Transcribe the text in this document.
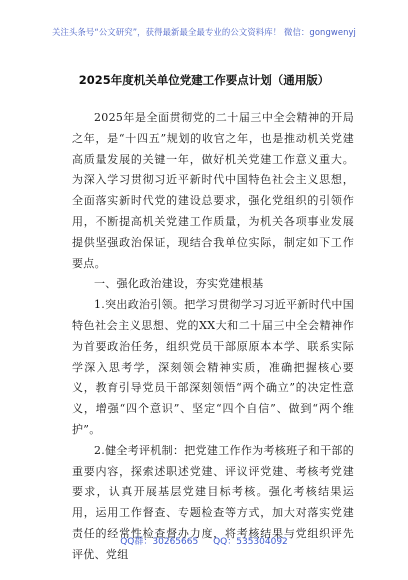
关注头条号“公文研究”，获得最新最全最专业的公文资料库！ 微信：gongwenyj
2025年度机关单位党建工作要点计划（通用版）

2025年是全面贯彻党的二十届三中全会精神的开局之年，是“十四五”规划的收官之年，也是推动机关党建高质量发展的关键一年，做好机关党建工作意义重大。为深入学习贯彻习近平新时代中国特色社会主义思想，全面落实新时代党的建设总要求，强化党组织的引领作用，不断提高机关党建工作质量，为机关各项事业发展提供坚强政治保证，现结合我单位实际，制定如下工作要点。

一、强化政治建设，夯实党建根基

1.突出政治引领。把学习贯彻学习习近平新时代中国特色社会主义思想、党的XX大和二十届三中全会精神作为首要政治任务，组织党员干部原原本本学、联系实际学深入思考学，深刻领会精神实质，准确把握核心要义，教育引导党员干部深刻领悟“两个确立”的决定性意义，增强“四个意识”、坚定“四个自信”、做到“两个维护”。

2.健全考评机制：把党建工作作为考核班子和干部的重要内容，探索述职述党建、评议评党建、考核考党建要求，认真开展基层党建目标考核。强化考核结果运用，运用工作督查、专题检查等方式，加大对落实党建责任的经常性检查督办力度，将考核结果与党组织评先评优、党组

QQ群：30265665 QQ：535304092
